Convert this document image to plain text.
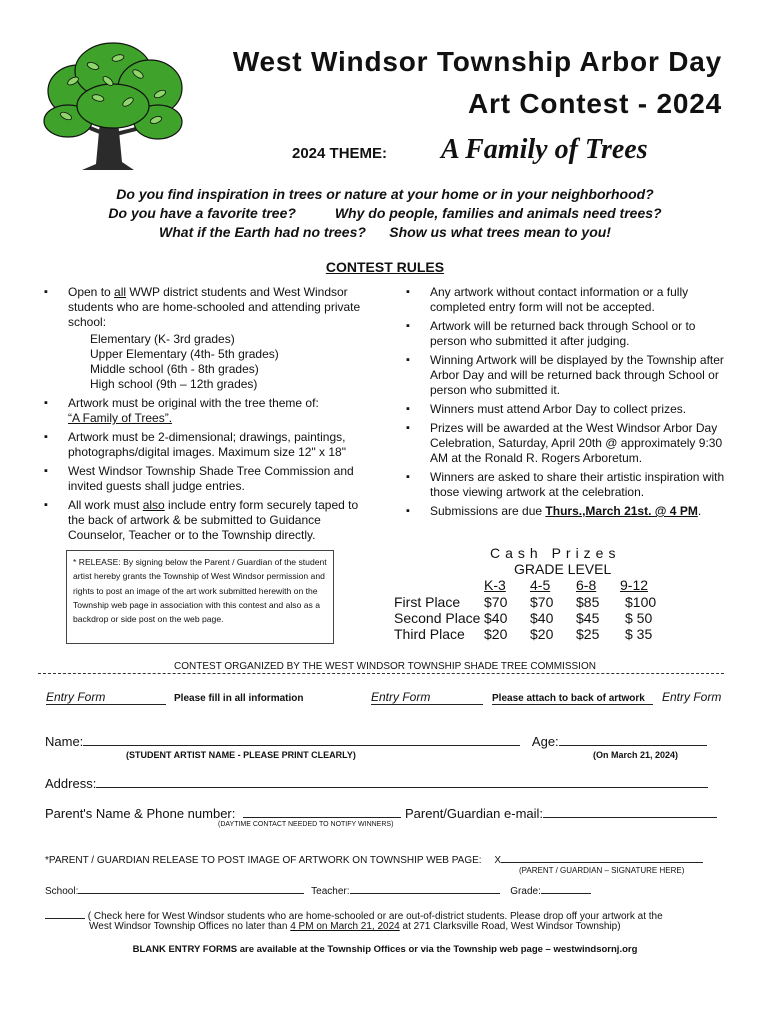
West Windsor Township Arbor Day
Art Contest - 2024
2024 THEME: A Family of Trees
Do you find inspiration in trees or nature at your home or in your neighborhood?
Do you have a favorite tree?          Why do people, families and animals need trees?
What if the Earth had no trees?      Show us what trees mean to you!
CONTEST RULES
▪ Open to all WWP district students and West Windsor students who are home-schooled and attending private school:
Elementary (K- 3rd grades)
Upper Elementary (4th- 5th grades)
Middle school (6th - 8th grades)
High school (9th – 12th grades)
▪ Artwork must be original with the tree theme of:
“A Family of Trees”.
▪ Artwork must be 2-dimensional; drawings, paintings, photographs/digital images. Maximum size 12" x 18"
▪ West Windsor Township Shade Tree Commission and invited guests shall judge entries.
▪ All work must also include entry form securely taped to the back of artwork & be submitted to Guidance Counselor, Teacher or to the Township directly.
▪ Any artwork without contact information or a fully completed entry form will not be accepted.
▪ Artwork will be returned back through School or to person who submitted it after judging.
▪ Winning Artwork will be displayed by the Township after Arbor Day and will be returned back through School or person who submitted it.
▪ Winners must attend Arbor Day to collect prizes.
▪ Prizes will be awarded at the West Windsor Arbor Day Celebration, Saturday, April 20th @ approximately 9:30 AM at the Ronald R. Rogers Arboretum.
▪ Winners are asked to share their artistic inspiration with those viewing artwork at the celebration.
▪ Submissions are due Thurs.,March 21st. @ 4 PM.
* RELEASE: By signing below the Parent / Guardian of the student artist hereby grants the Township of West Windsor permission and rights to post an image of the art work submitted herewith on the Township web page in association with this contest and also as a backdrop or side post on the web page.
Cash Prizes
GRADE LEVEL
K-3 4-5 6-8 9-12
First Place $70 $70 $85 $100
Second Place $40 $40 $45 $ 50
Third Place $20 $20 $25 $ 35
CONTEST ORGANIZED BY THE WEST WINDSOR TOWNSHIP SHADE TREE COMMISSION
Entry Form	Please fill in all information	Entry Form	Please attach to back of artwork	Entry Form
Name:	Age:
(STUDENT ARTIST NAME - PLEASE PRINT CLEARLY)	(On March 21, 2024)
Address:
Parent's Name & Phone number:	Parent/Guardian e-mail:
(DAYTIME CONTACT NEEDED TO NOTIFY WINNERS)
*PARENT / GUARDIAN RELEASE TO POST IMAGE OF ARTWORK ON TOWNSHIP WEB PAGE: X
(PARENT / GUARDIAN – SIGNATURE HERE)
School:	Teacher:	Grade:
( Check here for West Windsor students who are home-schooled or are out-of-district students. Please drop off your artwork at the
West Windsor Township Offices no later than 4 PM on March 21, 2024 at 271 Clarksville Road, West Windsor Township)
BLANK ENTRY FORMS are available at the Township Offices or via the Township web page – westwindsornj.org
